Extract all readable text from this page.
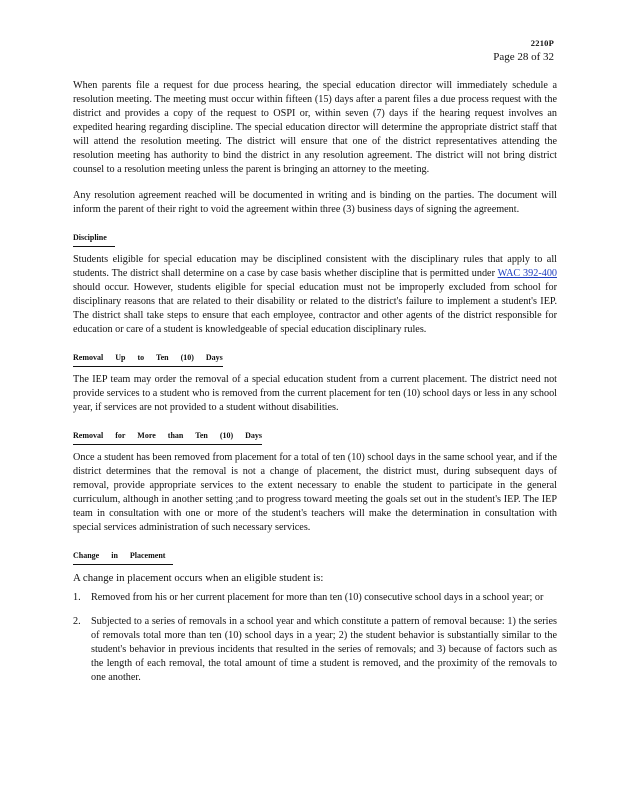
2210P
Page 28 of 32

When parents file a request for due process hearing, the special education director will immediately schedule a resolution meeting. The meeting must occur within fifteen (15) days after a parent files a due process request with the district and provides a copy of the request to OSPI or, within seven (7) days if the hearing request involves an expedited hearing regarding discipline. The special education director will determine the appropriate district staff that will attend the resolution meeting. The district will ensure that one of the district representatives attending the resolution meeting has authority to bind the district in any resolution agreement. The district will not bring district counsel to a resolution meeting unless the parent is bringing an attorney to the meeting.

Any resolution agreement reached will be documented in writing and is binding on the parties. The document will inform the parent of their right to void the agreement within three (3) business days of signing the agreement.

Discipline

Students eligible for special education may be disciplined consistent with the disciplinary rules that apply to all students. The district shall determine on a case by case basis whether discipline that is permitted under WAC 392-400 should occur. However, students eligible for special education must not be improperly excluded from school for disciplinary reasons that are related to their disability or related to the district's failure to implement a student's IEP. The district shall take steps to ensure that each employee, contractor and other agents of the district responsible for education or care of a student is knowledgeable of special education disciplinary rules.

Removal Up to Ten (10) Days

The IEP team may order the removal of a special education student from a current placement. The district need not provide services to a student who is removed from the current placement for ten (10) school days or less in any school year, if services are not provided to a student without disabilities.

Removal for More than Ten (10) Days

Once a student has been removed from placement for a total of ten (10) school days in the same school year, and if the district determines that the removal is not a change of placement, the district must, during subsequent days of removal, provide appropriate services to the extent necessary to enable the student to participate in the general curriculum, although in another setting ;and to progress toward meeting the goals set out in the student's IEP. The IEP team in consultation with one or more of the student's teachers will make the determination in consultation with special services administration of such necessary services.

Change in Placement

A change in placement occurs when an eligible student is:

1.	Removed from his or her current placement for more than ten (10) consecutive school days in a school year; or
2.	Subjected to a series of removals in a school year and which constitute a pattern of removal because: 1) the series of removals total more than ten (10) school days in a year; 2) the student behavior is substantially similar to the student's behavior in previous incidents that resulted in the series of removals; and 3) because of factors such as the length of each removal, the total amount of time a student is removed, and the proximity of the removals to one another.
